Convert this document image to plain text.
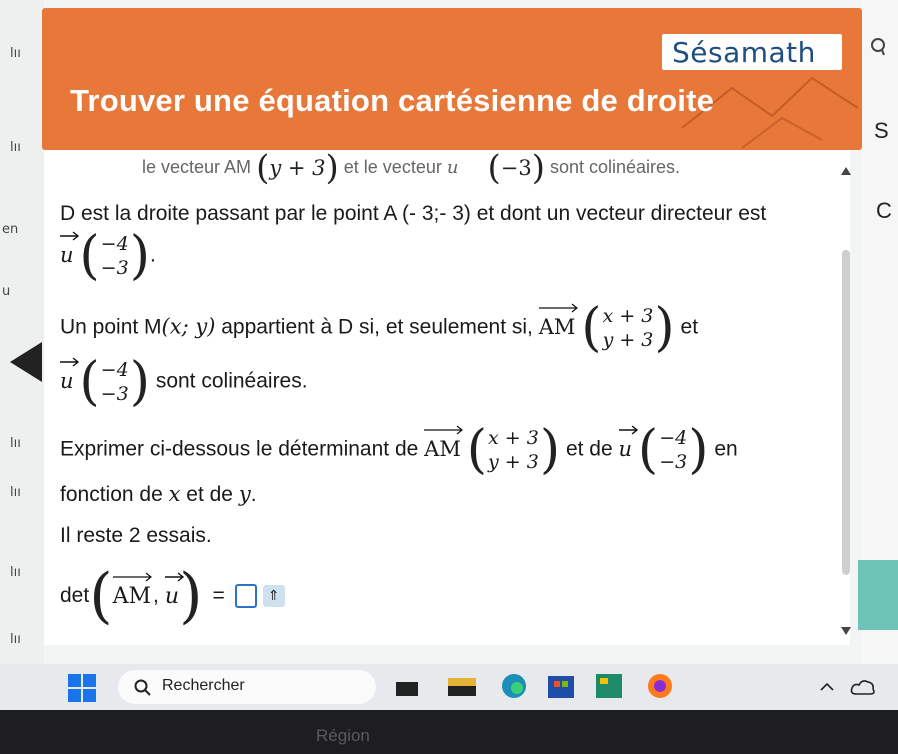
lıı
lıı
en
u
lıı
lıı
lıı
lıı
Trouver une équation cartésienne de droite
Sésamath
S
C
le vecteur AM ( y + 3 ) et le vecteur u ( −3 ) sont colinéaires.
D est la droite passant par le point A (- 3;- 3) et dont un vecteur directeur est
u ( −4
−3 ) .
Un point M(x; y) appartient à D si, et seulement si, AM ( x + 3
y + 3 ) et
u ( −4
−3 ) sont colinéaires.
Exprimer ci-dessous le déterminant de AM ( x + 3
y + 3 ) et de u ( −4
−3 ) en
fonction de x et de y.
Il reste 2 essais.
det ( AM , u ) =	⇑
Rechercher
Région
